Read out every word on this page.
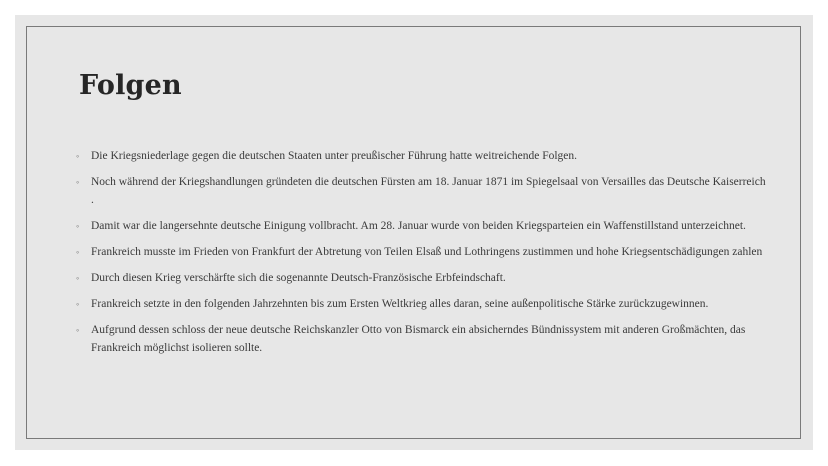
Folgen
◦ Die Kriegsniederlage gegen die deutschen Staaten unter preußischer Führung hatte weitreichende Folgen.
◦ Noch während der Kriegshandlungen gründeten die deutschen Fürsten am 18. Januar 1871 im Spiegelsaal von Versailles das Deutsche Kaiserreich .
◦ Damit war die langersehnte deutsche Einigung vollbracht. Am 28. Januar wurde von beiden Kriegsparteien ein Waffenstillstand unterzeichnet.
◦ Frankreich musste im Frieden von Frankfurt der Abtretung von Teilen Elsaß und Lothringens zustimmen und hohe Kriegsentschädigungen zahlen
◦ Durch diesen Krieg verschärfte sich die sogenannte Deutsch-Französische Erbfeindschaft.
◦ Frankreich setzte in den folgenden Jahrzehnten bis zum Ersten Weltkrieg alles daran, seine außenpolitische Stärke zurückzugewinnen.
◦ Aufgrund dessen schloss der neue deutsche Reichskanzler Otto von Bismarck ein absicherndes Bündnissystem mit anderen Großmächten, das Frankreich möglichst isolieren sollte.
